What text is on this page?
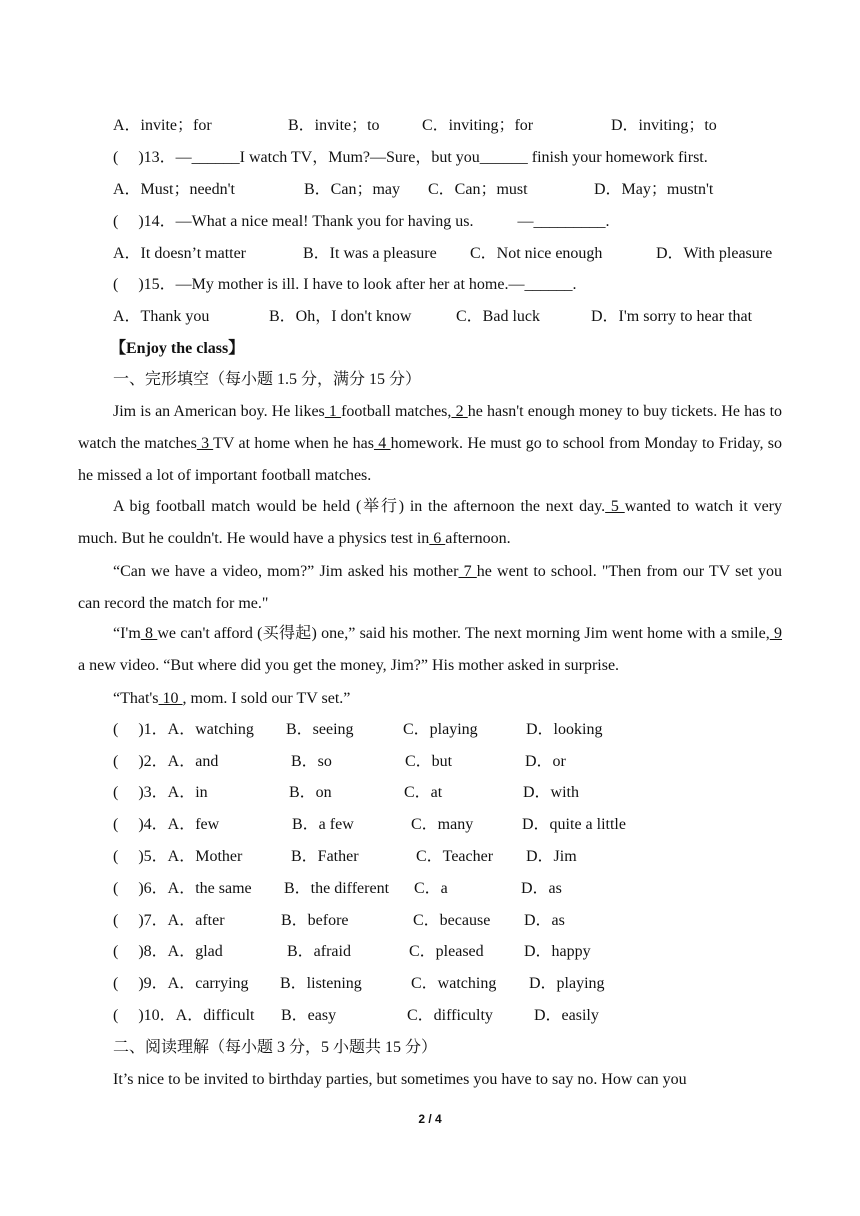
A．invite；for	B．invite；to	C．inviting；for	D．inviting；to
(     )13．—______I watch TV，Mum?—Sure，but you______ finish your homework first.
A．Must；needn't	B．Can；may C．Can；must	D．May；mustn't
(     )14．—What a nice meal! Thank you for having us.           —_________.
A．It doesn’t matter	B．It was a pleasure C．Not nice enough	D．With pleasure
(     )15．—My mother is ill. I have to look after her at home.—______.
A．Thank you	B．Oh，I don't know	C．Bad luck	D．I'm sorry to hear that
【Enjoy the class】
一、完形填空（每小题 1.5 分，满分 15 分）
Jim is an American boy. He likes 1 football matches, 2 he hasn't enough money to buy tickets. He has to watch the matches 3 TV at home when he has 4 homework. He must go to school from Monday to Friday, so he missed a lot of important football matches.
A big football match would be held (举行) in the afternoon the next day. 5 wanted to watch it very much. But he couldn't. He would have a physics test in 6 afternoon.
“Can we have a video, mom?” Jim asked his mother 7 he went to school. "Then from our TV set you can record the match for me."
“I'm 8 we can't afford (买得起) one,” said his mother. The next morning Jim went home with a smile, 9 a new video. “But where did you get the money, Jim?” His mother asked in surprise.
“That's 10 , mom. I sold our TV set.”
(     )1．A．watching B．seeing	C．playing	D．looking
(     )2．A．and	B．so	C．but	D．or
(     )3．A．in	B．on	C．at	D．with
(     )4．A．few	B．a few	C．many	D．quite a little
(     )5．A．Mother	B．Father	C．Teacher D．Jim
(     )6．A．the same B．the different C．a	D．as
(     )7．A．after	B．before	C．because D．as
(     )8．A．glad	B．afraid	C．pleased	D．happy
(     )9．A．carrying B．listening	C．watching D．playing
(     )10．A．difficult B．easy	C．difficulty	D．easily
二、阅读理解（每小题 3 分，5 小题共 15 分）
It’s nice to be invited to birthday parties, but sometimes you have to say no. How can you
2 / 4
